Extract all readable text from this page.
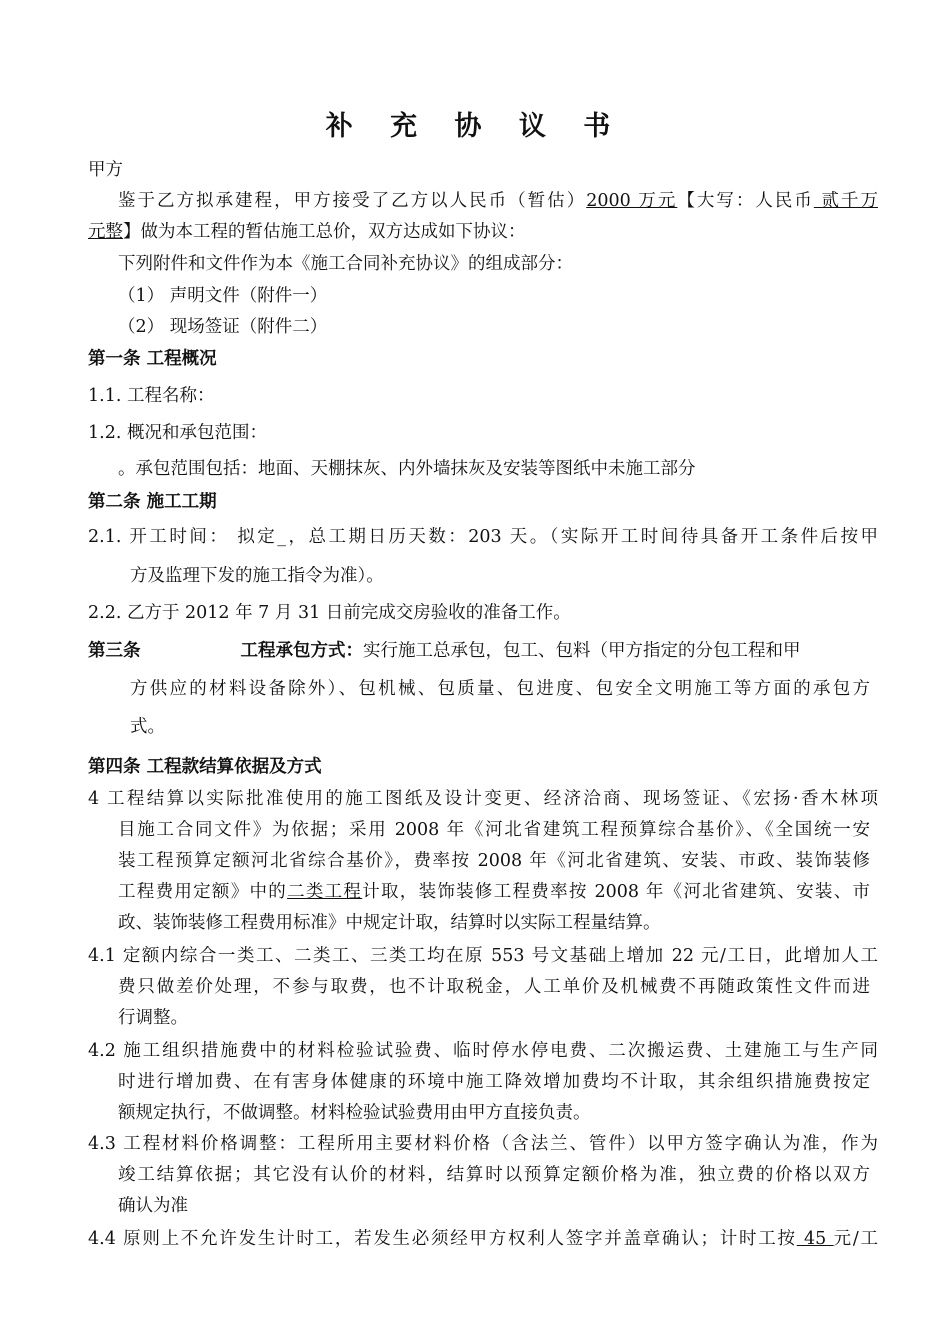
补 充 协 议 书
甲方
鉴于乙方拟承建程，甲方接受了乙方以人民币（暂估）2000 万元【大写：人民币 贰千万
元整】做为本工程的暂估施工总价，双方达成如下协议：
下列附件和文件作为本《施工合同补充协议》的组成部分：
（1） 声明文件（附件一）
（2） 现场签证（附件二）
第一条 工程概况
1.1. 工程名称：
1.2. 概况和承包范围：
。承包范围包括：地面、天棚抹灰、内外墙抹灰及安装等图纸中未施工部分
第二条 施工工期
2.1. 开工时间： 拟定_，总工期日历天数：203 天。（实际开工时间待具备开工条件后按甲
方及监理下发的施工指令为准）。
2.2. 乙方于 2012 年 7 月 31 日前完成交房验收的准备工作。
第三条	工程承包方式：实行施工总承包，包工、包料（甲方指定的分包工程和甲
方供应的材料设备除外）、包机械、包质量、包进度、包安全文明施工等方面的承包方
式。
第四条 工程款结算依据及方式
4 工程结算以实际批准使用的施工图纸及设计变更、经济洽商、现场签证、《宏扬·香木林项
目施工合同文件》为依据；采用 2008 年《河北省建筑工程预算综合基价》、《全国统一安
装工程预算定额河北省综合基价》，费率按 2008 年《河北省建筑、安装、市政、装饰装修
工程费用定额》中的二类工程计取，装饰装修工程费率按 2008 年《河北省建筑、安装、市
政、装饰装修工程费用标准》中规定计取，结算时以实际工程量结算。
4.1 定额内综合一类工、二类工、三类工均在原 553 号文基础上增加 22 元/工日，此增加人工
费只做差价处理，不参与取费，也不计取税金，人工单价及机械费不再随政策性文件而进
行调整。
4.2 施工组织措施费中的材料检验试验费、临时停水停电费、二次搬运费、土建施工与生产同
时进行增加费、在有害身体健康的环境中施工降效增加费均不计取，其余组织措施费按定
额规定执行，不做调整。材料检验试验费用由甲方直接负责。
4.3 工程材料价格调整：工程所用主要材料价格（含法兰、管件）以甲方签字确认为准，作为
竣工结算依据；其它没有认价的材料，结算时以预算定额价格为准，独立费的价格以双方
确认为准
4.4 原则上不允许发生计时工，若发生必须经甲方权利人签字并盖章确认；计时工按 45 元/工
